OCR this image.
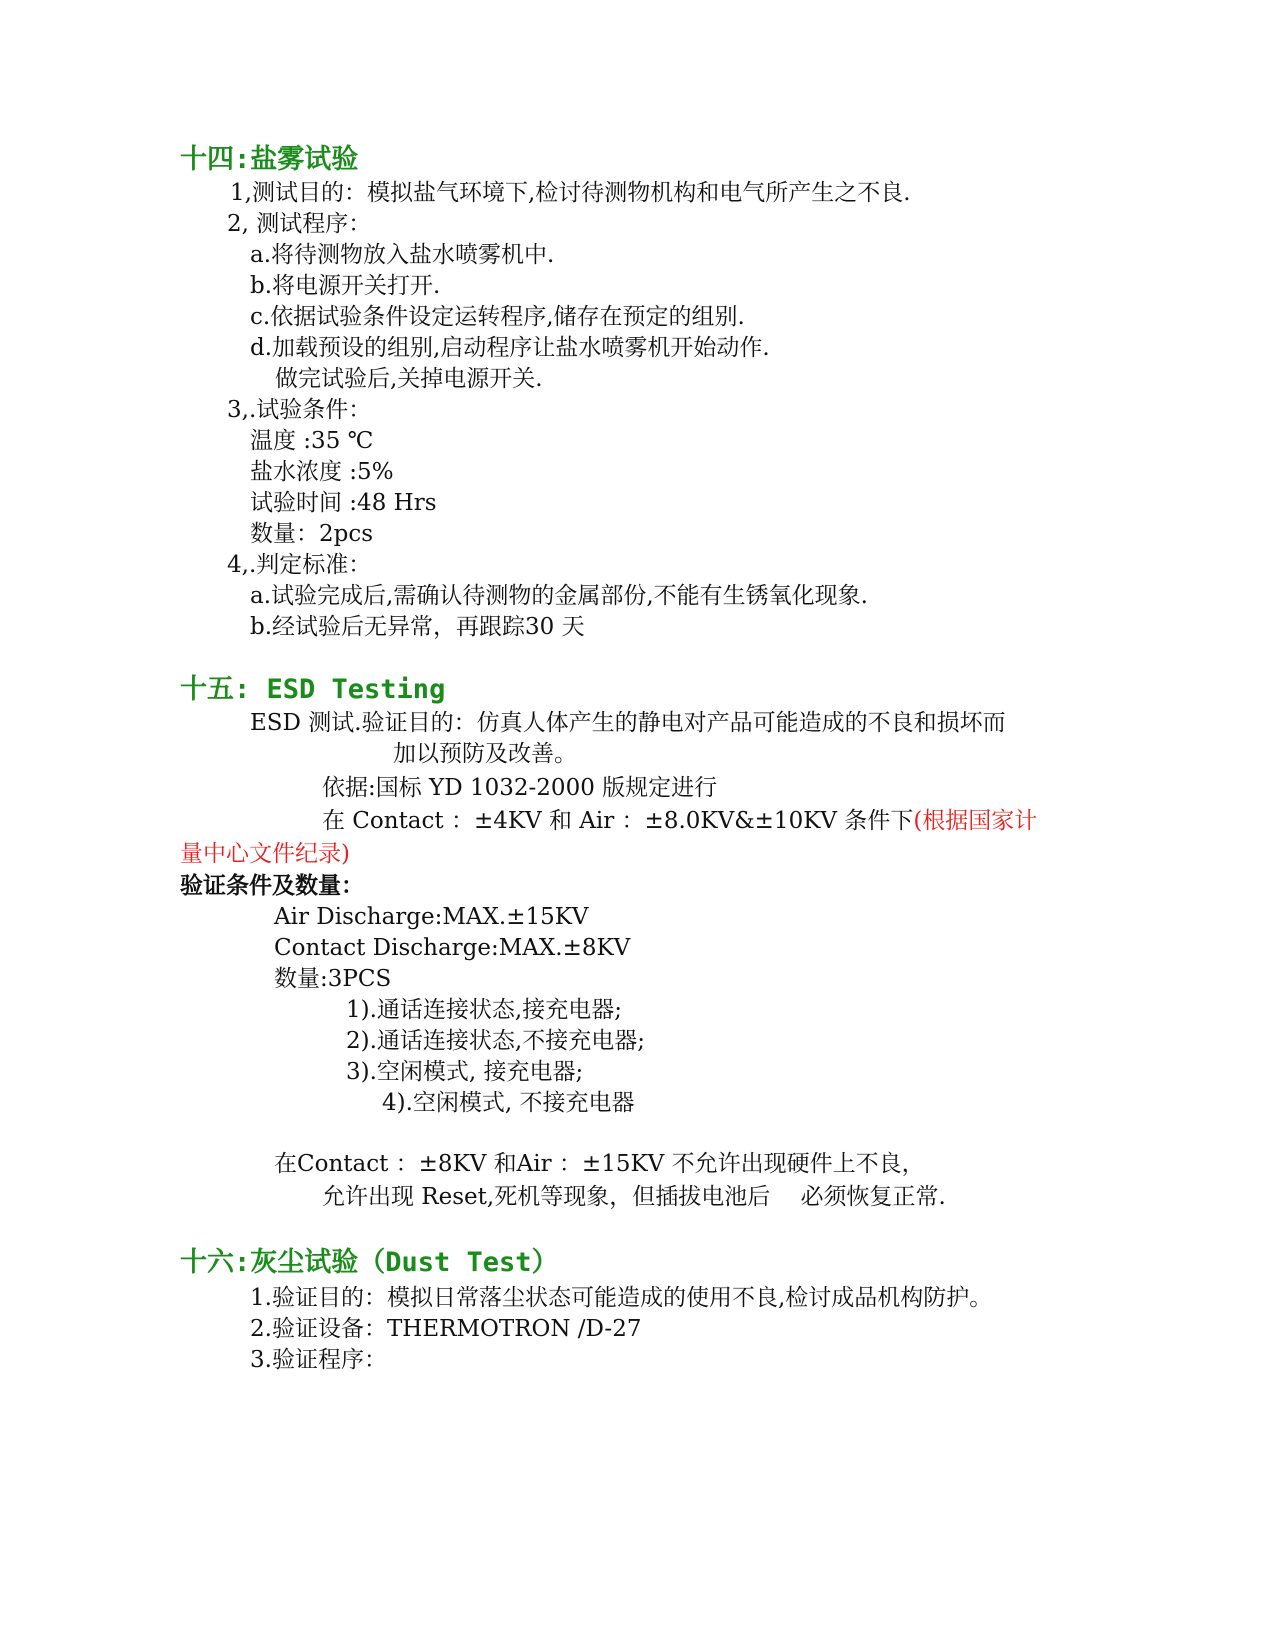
十四:盐雾试验
1,测试目的：模拟盐气环境下,检讨待测物机构和电气所产生之不良.
2, 测试程序：
a.将待测物放入盐水喷雾机中.
b.将电源开关打开.
c.依据试验条件设定运转程序,储存在预定的组别.
d.加载预设的组别,启动程序让盐水喷雾机开始动作.
做完试验后,关掉电源开关.
3,.试验条件：
温度 :35 ℃
盐水浓度 :5%
试验时间 :48 Hrs
数量：2pcs
4,.判定标准：
a.试验完成后,需确认待测物的金属部份,不能有生锈氧化现象.
b.经试验后无异常，再跟踪30 天
十五: ESD Testing
ESD 测试.验证目的：仿真人体产生的静电对产品可能造成的不良和损坏而
加以预防及改善。
依据:国标 YD 1032-2000 版规定进行
在 Contact ：±4KV 和 Air ：±8.0KV&±10KV 条件下(根据国家计
量中心文件纪录)
验证条件及数量：
Air Discharge:MAX.±15KV
Contact Discharge:MAX.±8KV
数量:3PCS
1).通话连接状态,接充电器;
2).通话连接状态,不接充电器;
3).空闲模式, 接充电器;
4).空闲模式, 不接充电器
在Contact ：±8KV 和Air ：±15KV 不允许出现硬件上不良，
允许出现 Reset,死机等现象，但插拔电池后　 必须恢复正常.
十六:灰尘试验（Dust Test）
1.验证目的：模拟日常落尘状态可能造成的使用不良,检讨成品机构防护。
2.验证设备：THERMOTRON /D-27
3.验证程序：
